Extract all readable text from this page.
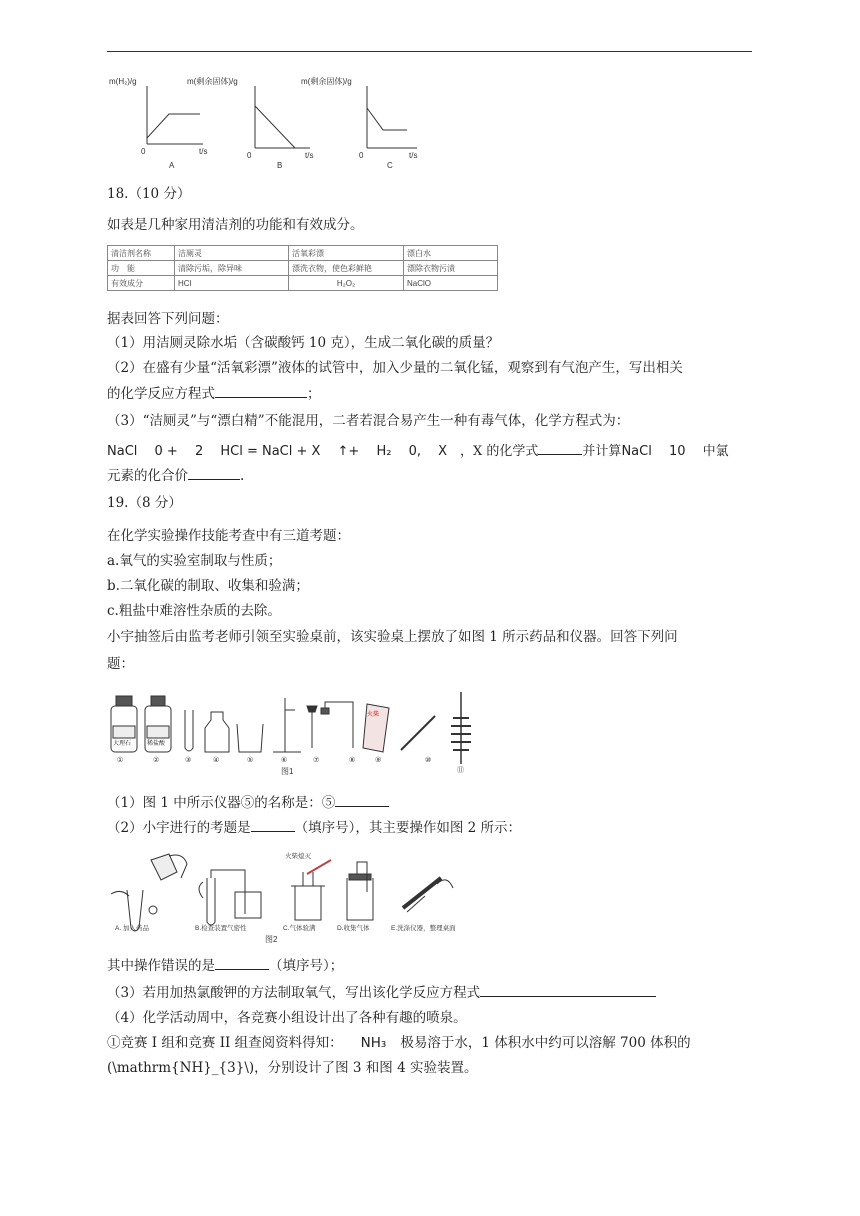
m(H₂)/g
0	t/s
A
m(剩余固体)/g
0	t/s
B
m(剩余固体)/g
0	t/s
C
18.（10 分）
如表是几种家用清洁剂的功能和有效成分。
清洁剂名称	洁厕灵	活氧彩漂	漂白水
功　能	清除污垢，除异味	漂洗衣物，使色彩鲜艳	漂除衣物污渍
有效成分	HCl	H₂O₂	NaClO
据表回答下列问题：
（1）用洁厕灵除水垢（含碳酸钙 10 克），生成二氧化碳的质量？
（2）在盛有少量“活氧彩漂”液体的试管中，加入少量的二氧化锰，观察到有气泡产生，写出相关
的化学反应方程式	；
（3）“洁厕灵”与“漂白精”不能混用，二者若混合易产生一种有毒气体，化学方程式为：
NaCl　 0 +　 2　 HCl = NaCl + X　 ↑+　 H₂　 0,　 X　，X 的化学式	并计算NaCl　 10　 中氯
元素的化合价	.
19.（8 分）
在化学实验操作技能考查中有三道考题：
a.氧气的实验室制取与性质；
b.二氧化碳的制取、收集和验满；
c.粗盐中难溶性杂质的去除。
小宇抽签后由监考老师引领至实验桌前，该实验桌上摆放了如图 1 所示药品和仪器。回答下列问
题：
大理石	稀盐酸
火柴
①	②	③	④	⑤	⑥	⑦	⑧	⑨	⑩
⑪
图1
（1）图 1 中所示仪器⑤的名称是：⑤
（2）小宇进行的考题是	（填序号），其主要操作如图 2 所示：
火柴熄灭
A. 加入药品	B.检查装置气密性	C.气体验满	D.收集气体	E.洗涤仪器，整理桌面
图2
其中操作错误的是	（填序号）；
（3）若用加热氯酸钾的方法制取氧气，写出该化学反应方程式
（4）化学活动周中，各竞赛小组设计出了各种有趣的喷泉。
①竞赛 I 组和竞赛 II 组查阅资料得知： NH₃ 极易溶于水，1 体积水中约可以溶解 700 体积的
(\mathrm{NH}_{3}\)，分别设计了图 3 和图 4 实验装置。
